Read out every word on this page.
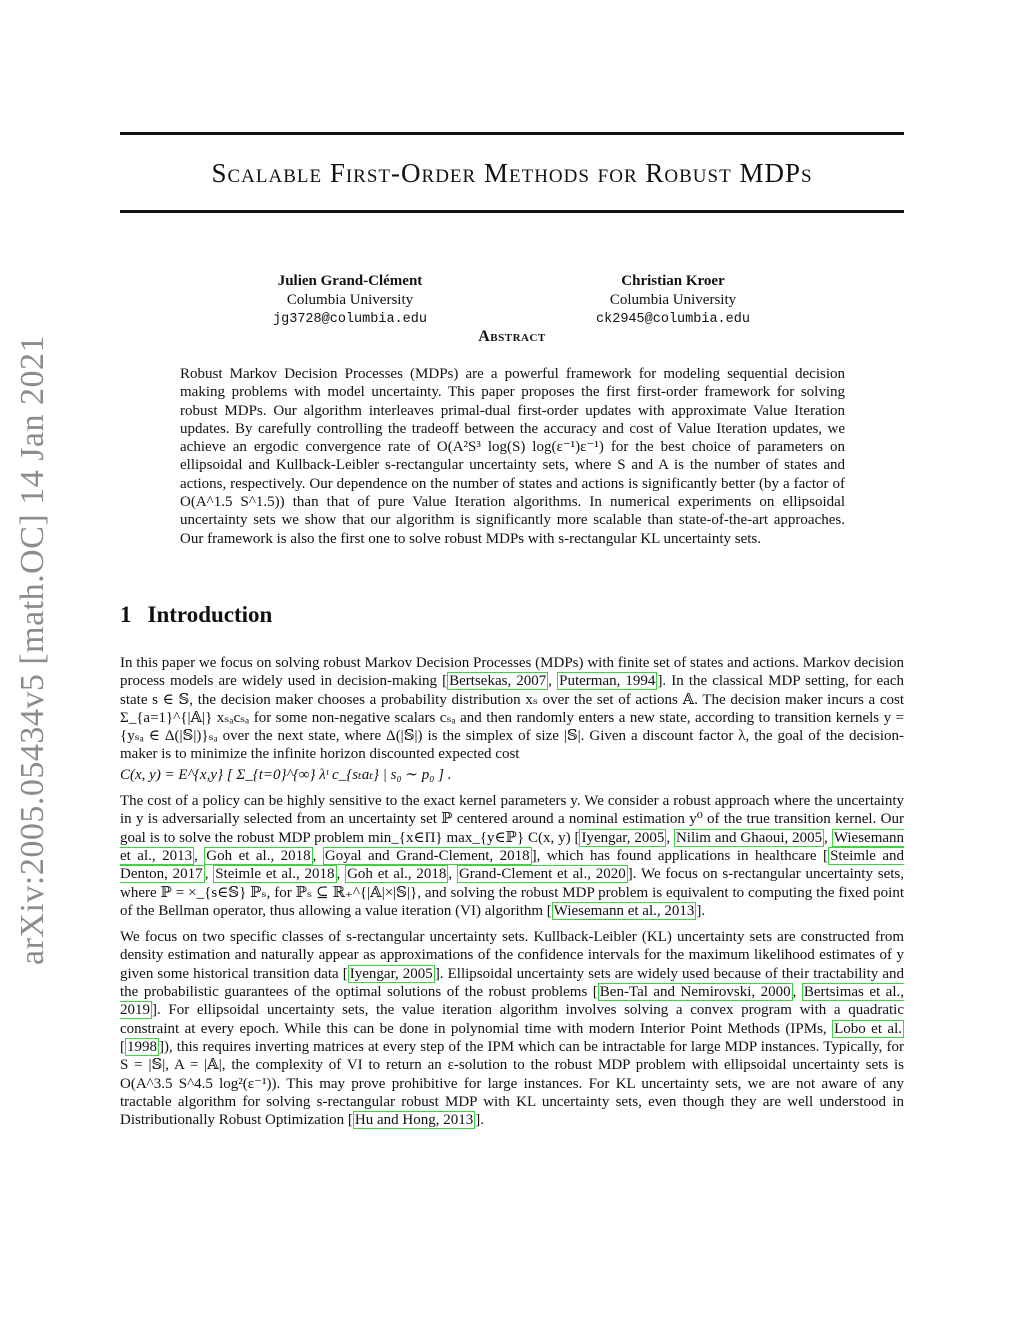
arXiv:2005.05434v5 [math.OC] 14 Jan 2021
Scalable First-Order Methods for Robust MDPs
Julien Grand-Clément
Columbia University
jg3728@columbia.edu
Christian Kroer
Columbia University
ck2945@columbia.edu
Abstract

Robust Markov Decision Processes (MDPs) are a powerful framework for modeling sequential decision making problems with model uncertainty. This paper proposes the first first-order framework for solving robust MDPs. Our algorithm interleaves primal-dual first-order updates with approximate Value Iteration updates. By carefully controlling the tradeoff between the accuracy and cost of Value Iteration updates, we achieve an ergodic convergence rate of O(A²S³ log(S) log(ε⁻¹)ε⁻¹) for the best choice of parameters on ellipsoidal and Kullback-Leibler s-rectangular uncertainty sets, where S and A is the number of states and actions, respectively. Our dependence on the number of states and actions is significantly better (by a factor of O(A^1.5 S^1.5)) than that of pure Value Iteration algorithms. In numerical experiments on ellipsoidal uncertainty sets we show that our algorithm is significantly more scalable than state-of-the-art approaches. Our framework is also the first one to solve robust MDPs with s-rectangular KL uncertainty sets.

1 Introduction

In this paper we focus on solving robust Markov Decision Processes (MDPs) with finite set of states and actions. Markov decision process models are widely used in decision-making [ Bertsekas, 2007 , Puterman, 1994 ]. In the classical MDP setting, for each state s ∈ 𝕊, the decision maker chooses a probability distribution xₛ over the set of actions 𝔸. The decision maker incurs a cost Σ_{a=1}^{|𝔸|} xₛₐcₛₐ for some non-negative scalars cₛₐ and then randomly enters a new state, according to transition kernels y = {yₛₐ ∈ Δ(|𝕊|)}ₛₐ over the next state, where Δ(|𝕊|) is the simplex of size |𝕊|. Given a discount factor λ, the goal of the decision-maker is to minimize the infinite horizon discounted expected cost
C(x, y) = E^{x,y} [ Σ_{t=0}^{∞} λᵗ c_{sₜaₜ} | s₀ ∼ p₀ ] .

The cost of a policy can be highly sensitive to the exact kernel parameters y. We consider a robust approach where the uncertainty in y is adversarially selected from an uncertainty set ℙ centered around a nominal estimation y⁰ of the true transition kernel. Our goal is to solve the robust MDP problem min_{x∈Π} max_{y∈ℙ} C(x, y) [ Iyengar, 2005 , Nilim and Ghaoui, 2005 , Wiesemann et al., 2013 , Goh et al., 2018 , Goyal and Grand-Clement, 2018 ], which has found applications in healthcare [ Steimle and Denton, 2017 , Steimle et al., 2018 , Goh et al., 2018 , Grand-Clement et al., 2020 ]. We focus on s-rectangular uncertainty sets, where ℙ = ×_{s∈𝕊} ℙₛ, for ℙₛ ⊆ ℝ₊^{|𝔸|×|𝕊|}, and solving the robust MDP problem is equivalent to computing the fixed point of the Bellman operator, thus allowing a value iteration (VI) algorithm [ Wiesemann et al., 2013 ].

We focus on two specific classes of s-rectangular uncertainty sets. Kullback-Leibler (KL) uncertainty sets are constructed from density estimation and naturally appear as approximations of the confidence intervals for the maximum likelihood estimates of y given some historical transition data [ Iyengar, 2005 ]. Ellipsoidal uncertainty sets are widely used because of their tractability and the probabilistic guarantees of the optimal solutions of the robust problems [ Ben-Tal and Nemirovski, 2000 , Bertsimas et al., 2019 ]. For ellipsoidal uncertainty sets, the value iteration algorithm involves solving a convex program with a quadratic constraint at every epoch. While this can be done in polynomial time with modern Interior Point Methods (IPMs, Lobo et al. [ 1998 ]), this requires inverting matrices at every step of the IPM which can be intractable for large MDP instances. Typically, for S = |𝕊|, A = |𝔸|, the complexity of VI to return an ε-solution to the robust MDP problem with ellipsoidal uncertainty sets is O(A^3.5 S^4.5 log²(ε⁻¹)). This may prove prohibitive for large instances. For KL uncertainty sets, we are not aware of any tractable algorithm for solving s-rectangular robust MDP with KL uncertainty sets, even though they are well understood in Distributionally Robust Optimization [ Hu and Hong, 2013 ].
